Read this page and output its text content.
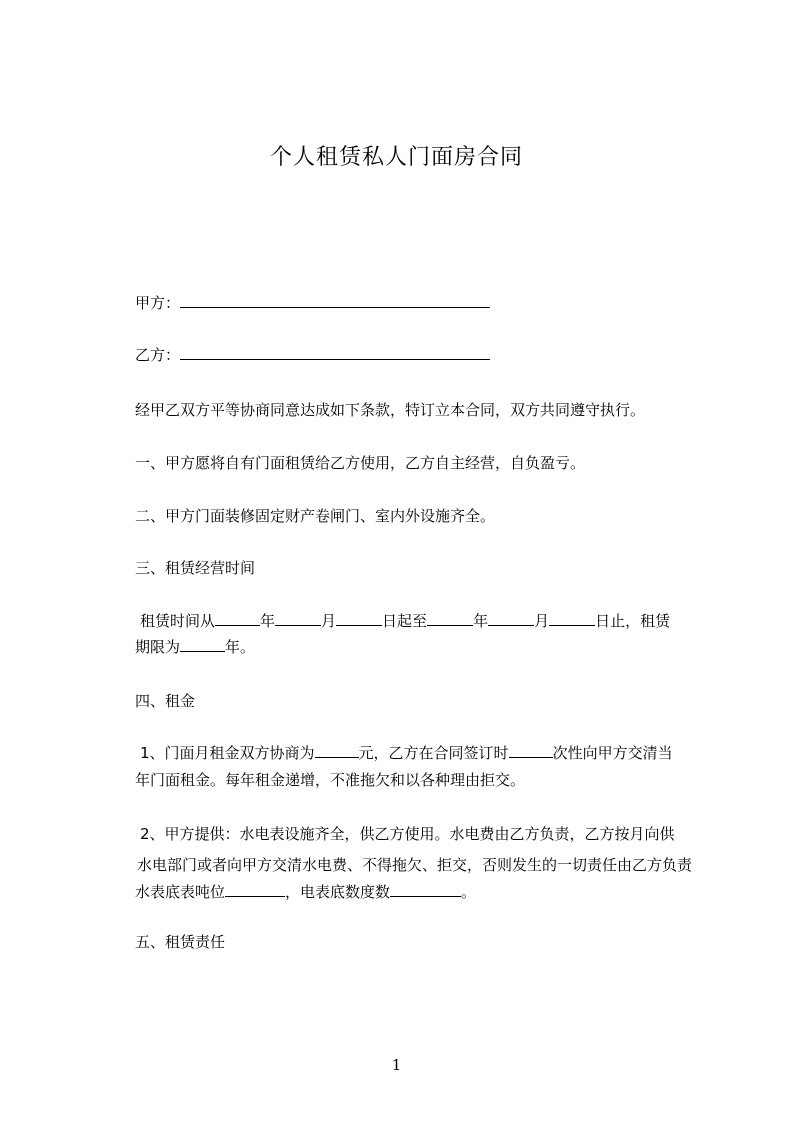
个人租赁私人门面房合同
甲方：
乙方：
经甲乙双方平等协商同意达成如下条款，特订立本合同，双方共同遵守执行。
一、甲方愿将自有门面租赁给乙方使用，乙方自主经营，自负盈亏。
二、甲方门面装修固定财产卷闸门、室内外设施齐全。
三、租赁经营时间
租赁时间从	年	月	日起至	年	月	日止，租赁
期限为	年。
四、租金
1、门面月租金双方协商为	元，乙方在合同签订时	次性向甲方交清当
年门面租金。每年租金递增，不准拖欠和以各种理由拒交。
2、甲方提供：水电表设施齐全，供乙方使用。水电费由乙方负责，乙方按月向供
水电部门或者向甲方交清水电费、不得拖欠、拒交，否则发生的一切责任由乙方负责
水表底表吨位	，电表底数度数	。
五、租赁责任
1
